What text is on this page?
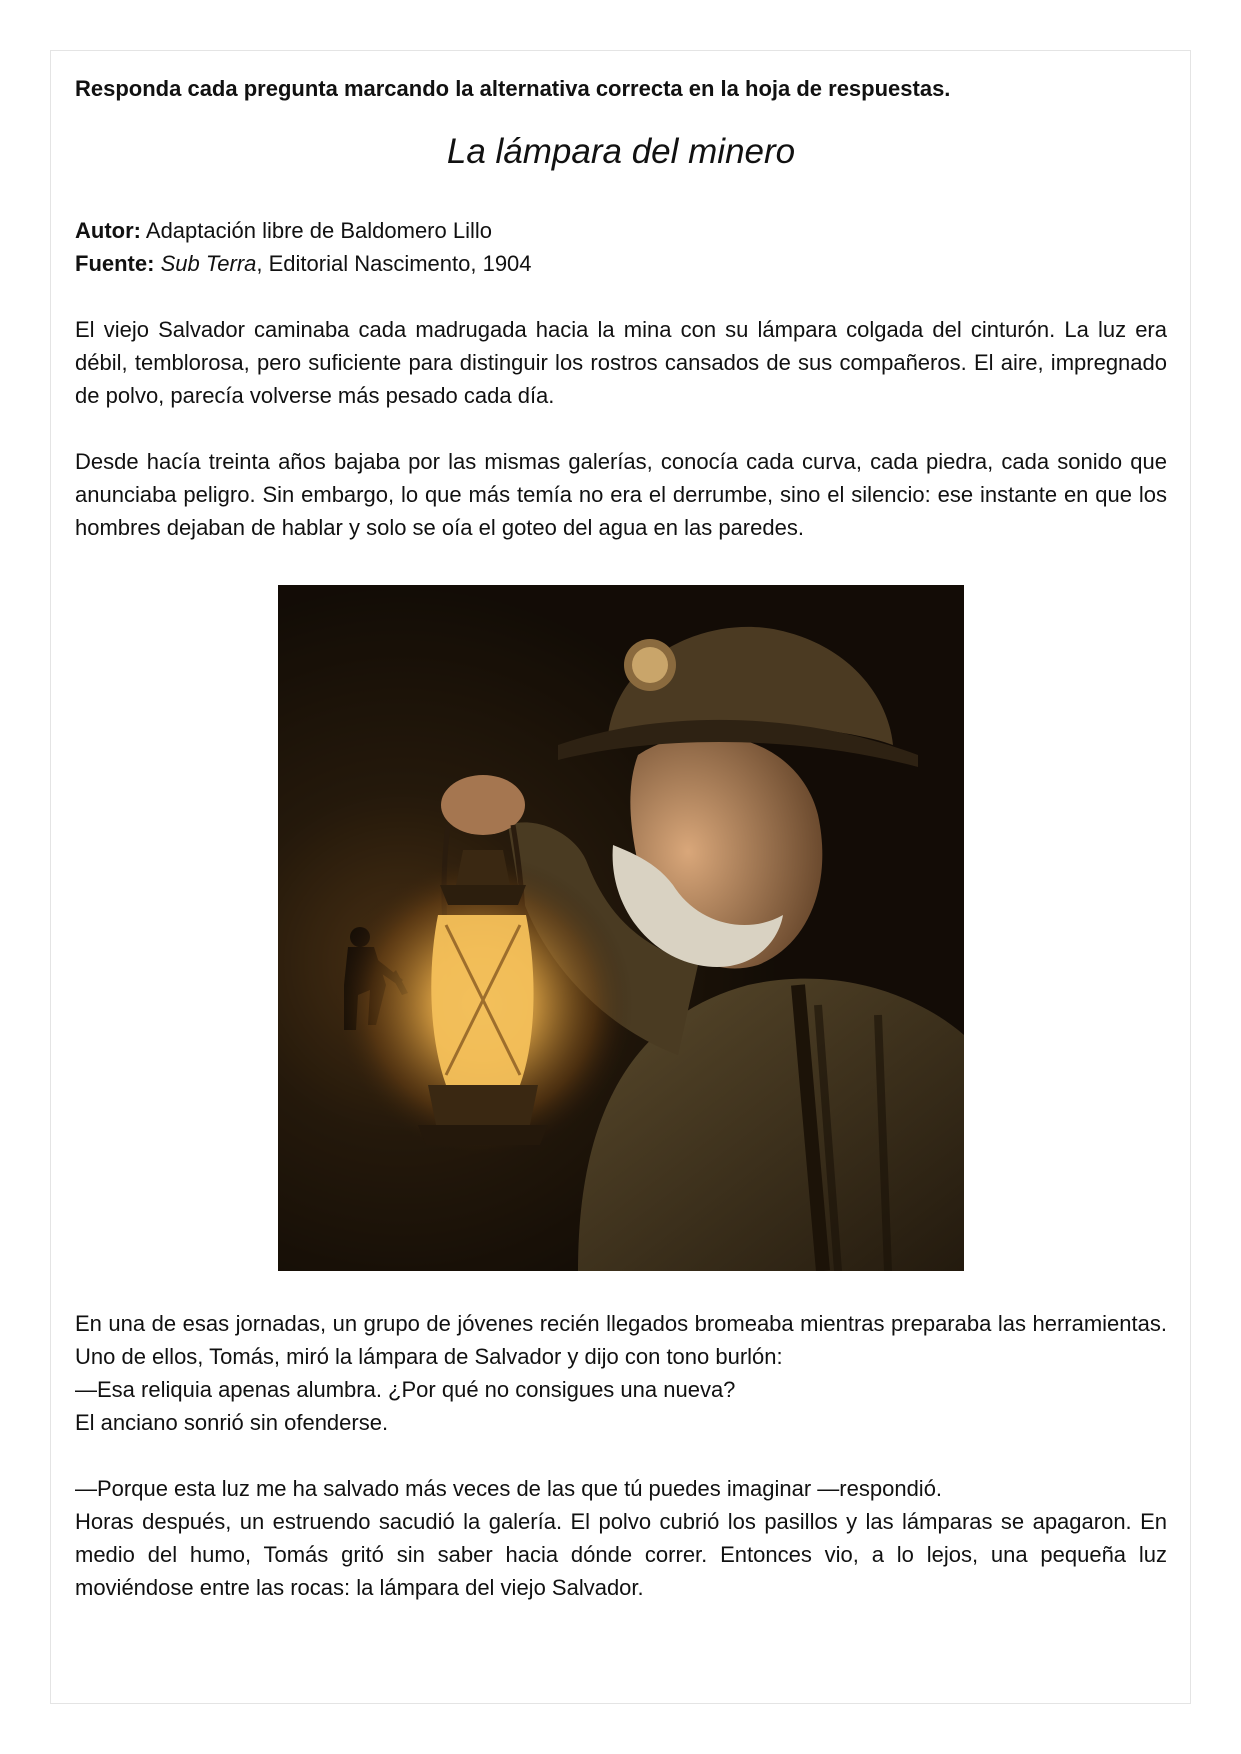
Responda cada pregunta marcando la alternativa correcta en la hoja de respuestas.

La lámpara del minero
Autor: Adaptación libre de Baldomero Lillo
Fuente: Sub Terra, Editorial Nascimento, 1904

El viejo Salvador caminaba cada madrugada hacia la mina con su lámpara colgada del cinturón. La luz era débil, temblorosa, pero suficiente para distinguir los rostros cansados de sus compañeros. El aire, impregnado de polvo, parecía volverse más pesado cada día.

Desde hacía treinta años bajaba por las mismas galerías, conocía cada curva, cada piedra, cada sonido que anunciaba peligro. Sin embargo, lo que más temía no era el derrumbe, sino el silencio: ese instante en que los hombres dejaban de hablar y solo se oía el goteo del agua en las paredes.

En una de esas jornadas, un grupo de jóvenes recién llegados bromeaba mientras preparaba las herramientas. Uno de ellos, Tomás, miró la lámpara de Salvador y dijo con tono burlón:
—Esa reliquia apenas alumbra. ¿Por qué no consigues una nueva?
El anciano sonrió sin ofenderse.

—Porque esta luz me ha salvado más veces de las que tú puedes imaginar —respondió.

Horas después, un estruendo sacudió la galería. El polvo cubrió los pasillos y las lámparas se apagaron. En medio del humo, Tomás gritó sin saber hacia dónde correr. Entonces vio, a lo lejos, una pequeña luz moviéndose entre las rocas: la lámpara del viejo Salvador.
